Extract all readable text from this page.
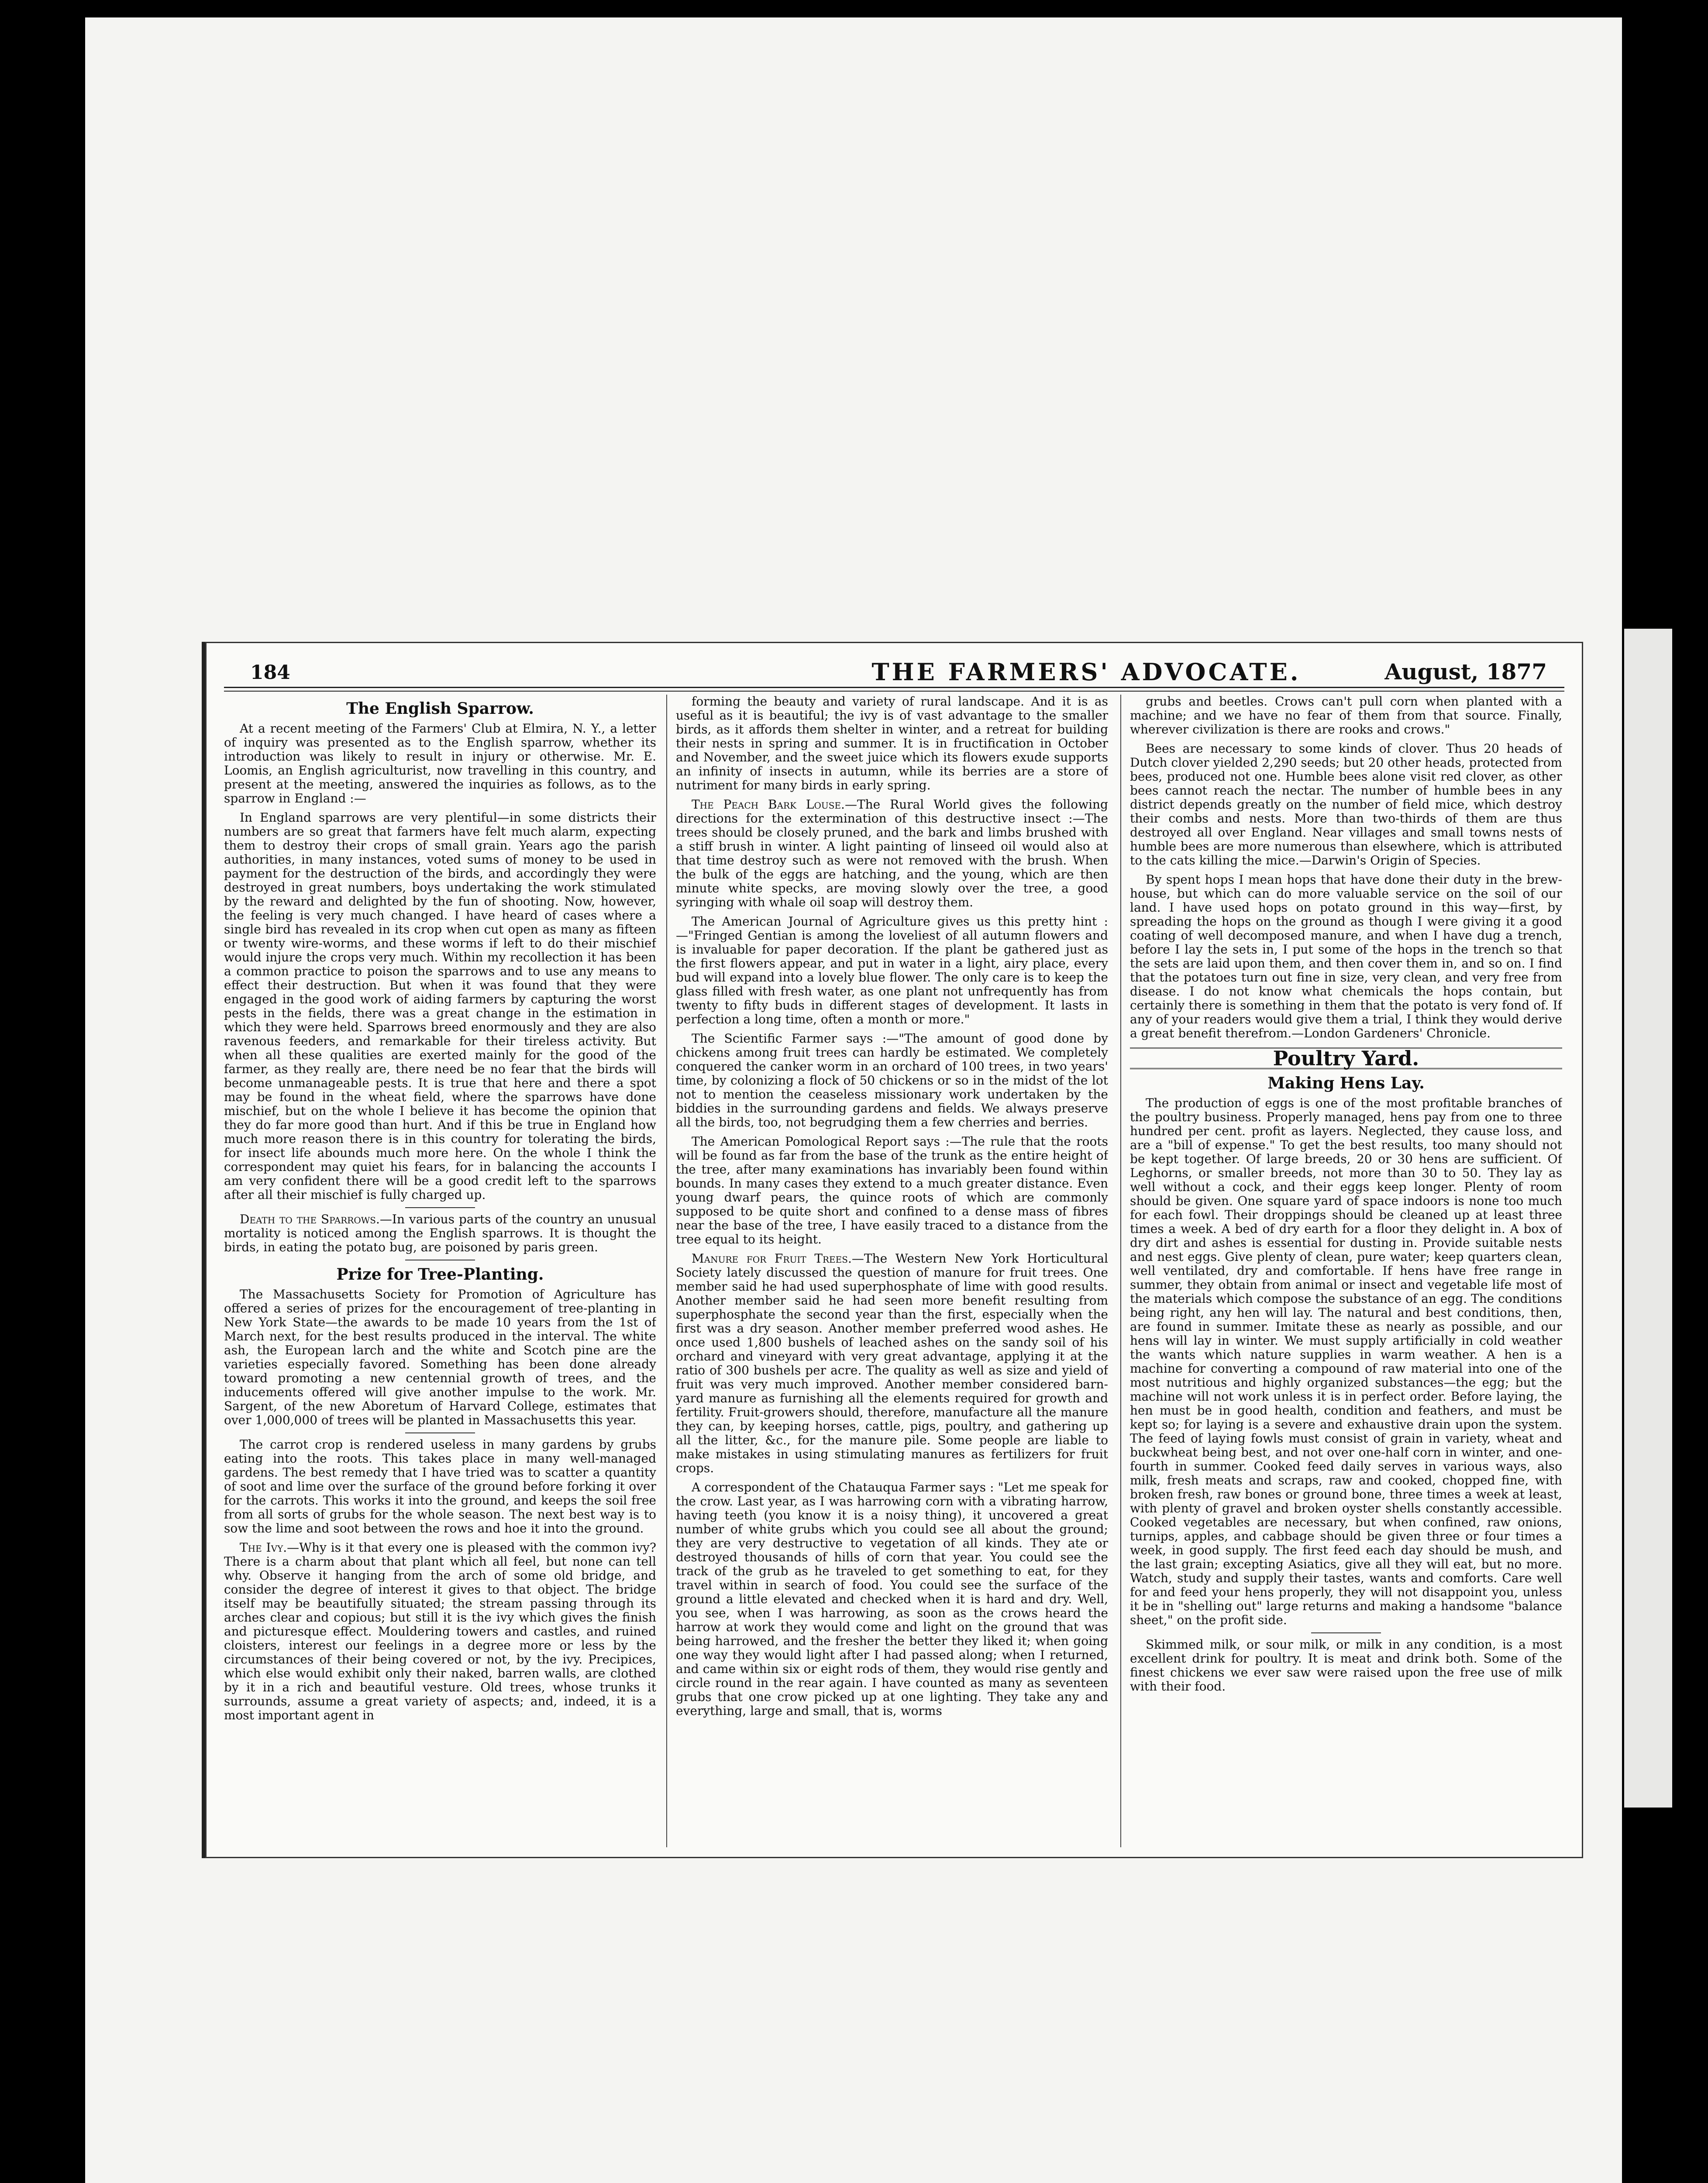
184	THE FARMERS' ADVOCATE.	August, 1877
The English Sparrow.

At a recent meeting of the Farmers' Club at Elmira, N. Y., a letter of inquiry was presented as to the English sparrow, whether its introduction was likely to result in injury or otherwise. Mr. E. Loomis, an English agriculturist, now travelling in this country, and present at the meeting, answered the inquiries as follows, as to the sparrow in England :—

In England sparrows are very plentiful—in some districts their numbers are so great that farmers have felt much alarm, expecting them to destroy their crops of small grain. Years ago the parish authorities, in many instances, voted sums of money to be used in payment for the destruction of the birds, and accordingly they were destroyed in great numbers, boys undertaking the work stimulated by the reward and delighted by the fun of shooting. Now, however, the feeling is very much changed. I have heard of cases where a single bird has revealed in its crop when cut open as many as fifteen or twenty wire-worms, and these worms if left to do their mischief would injure the crops very much. Within my recollection it has been a common practice to poison the sparrows and to use any means to effect their destruction. But when it was found that they were engaged in the good work of aiding farmers by capturing the worst pests in the fields, there was a great change in the estimation in which they were held. Sparrows breed enormously and they are also ravenous feeders, and remarkable for their tireless activity. But when all these qualities are exerted mainly for the good of the farmer, as they really are, there need be no fear that the birds will become unmanageable pests. It is true that here and there a spot may be found in the wheat field, where the sparrows have done mischief, but on the whole I believe it has become the opinion that they do far more good than hurt. And if this be true in England how much more reason there is in this country for tolerating the birds, for insect life abounds much more here. On the whole I think the correspondent may quiet his fears, for in balancing the accounts I am very confident there will be a good credit left to the sparrows after all their mischief is fully charged up.

Death to the Sparrows.—In various parts of the country an unusual mortality is noticed among the English sparrows. It is thought the birds, in eating the potato bug, are poisoned by paris green.

Prize for Tree-Planting.

The Massachusetts Society for Promotion of Agriculture has offered a series of prizes for the encouragement of tree-planting in New York State—the awards to be made 10 years from the 1st of March next, for the best results produced in the interval. The white ash, the European larch and the white and Scotch pine are the varieties especially favored. Something has been done already toward promoting a new centennial growth of trees, and the inducements offered will give another impulse to the work. Mr. Sargent, of the new Aboretum of Harvard College, estimates that over 1,000,000 of trees will be planted in Massachusetts this year.

The carrot crop is rendered useless in many gardens by grubs eating into the roots. This takes place in many well-managed gardens. The best remedy that I have tried was to scatter a quantity of soot and lime over the surface of the ground before forking it over for the carrots. This works it into the ground, and keeps the soil free from all sorts of grubs for the whole season. The next best way is to sow the lime and soot between the rows and hoe it into the ground.

The Ivy.—Why is it that every one is pleased with the common ivy? There is a charm about that plant which all feel, but none can tell why. Observe it hanging from the arch of some old bridge, and consider the degree of interest it gives to that object. The bridge itself may be beautifully situated; the stream passing through its arches clear and copious; but still it is the ivy which gives the finish and picturesque effect. Mouldering towers and castles, and ruined cloisters, interest our feelings in a degree more or less by the circumstances of their being covered or not, by the ivy. Precipices, which else would exhibit only their naked, barren walls, are clothed by it in a rich and beautiful vesture. Old trees, whose trunks it surrounds, assume a great variety of aspects; and, indeed, it is a most important agent in

forming the beauty and variety of rural landscape. And it is as useful as it is beautiful; the ivy is of vast advantage to the smaller birds, as it affords them shelter in winter, and a retreat for building their nests in spring and summer. It is in fructification in October and November, and the sweet juice which its flowers exude supports an infinity of insects in autumn, while its berries are a store of nutriment for many birds in early spring.

The Peach Bark Louse.—The Rural World gives the following directions for the extermination of this destructive insect :—The trees should be closely pruned, and the bark and limbs brushed with a stiff brush in winter. A light painting of linseed oil would also at that time destroy such as were not removed with the brush. When the bulk of the eggs are hatching, and the young, which are then minute white specks, are moving slowly over the tree, a good syringing with whale oil soap will destroy them.

The American Journal of Agriculture gives us this pretty hint :—"Fringed Gentian is among the loveliest of all autumn flowers and is invaluable for paper decoration. If the plant be gathered just as the first flowers appear, and put in water in a light, airy place, every bud will expand into a lovely blue flower. The only care is to keep the glass filled with fresh water, as one plant not unfrequently has from twenty to fifty buds in different stages of development. It lasts in perfection a long time, often a month or more."

The Scientific Farmer says :—"The amount of good done by chickens among fruit trees can hardly be estimated. We completely conquered the canker worm in an orchard of 100 trees, in two years' time, by colonizing a flock of 50 chickens or so in the midst of the lot not to mention the ceaseless missionary work undertaken by the biddies in the surrounding gardens and fields. We always preserve all the birds, too, not begrudging them a few cherries and berries.

The American Pomological Report says :—The rule that the roots will be found as far from the base of the trunk as the entire height of the tree, after many examinations has invariably been found within bounds. In many cases they extend to a much greater distance. Even young dwarf pears, the quince roots of which are commonly supposed to be quite short and confined to a dense mass of fibres near the base of the tree, I have easily traced to a distance from the tree equal to its height.

Manure for Fruit Trees.—The Western New York Horticultural Society lately discussed the question of manure for fruit trees. One member said he had used superphosphate of lime with good results. Another member said he had seen more benefit resulting from superphosphate the second year than the first, especially when the first was a dry season. Another member preferred wood ashes. He once used 1,800 bushels of leached ashes on the sandy soil of his orchard and vineyard with very great advantage, applying it at the ratio of 300 bushels per acre. The quality as well as size and yield of fruit was very much improved. Another member considered barn-yard manure as furnishing all the elements required for growth and fertility. Fruit-growers should, therefore, manufacture all the manure they can, by keeping horses, cattle, pigs, poultry, and gathering up all the litter, &c., for the manure pile. Some people are liable to make mistakes in using stimulating manures as fertilizers for fruit crops.

A correspondent of the Chatauqua Farmer says : "Let me speak for the crow. Last year, as I was harrowing corn with a vibrating harrow, having teeth (you know it is a noisy thing), it uncovered a great number of white grubs which you could see all about the ground; they are very destructive to vegetation of all kinds. They ate or destroyed thousands of hills of corn that year. You could see the track of the grub as he traveled to get something to eat, for they travel within in search of food. You could see the surface of the ground a little elevated and checked when it is hard and dry. Well, you see, when I was harrowing, as soon as the crows heard the harrow at work they would come and light on the ground that was being harrowed, and the fresher the better they liked it; when going one way they would light after I had passed along; when I returned, and came within six or eight rods of them, they would rise gently and circle round in the rear again. I have counted as many as seventeen grubs that one crow picked up at one lighting. They take any and everything, large and small, that is, worms

grubs and beetles. Crows can't pull corn when planted with a machine; and we have no fear of them from that source. Finally, wherever civilization is there are rooks and crows."

Bees are necessary to some kinds of clover. Thus 20 heads of Dutch clover yielded 2,290 seeds; but 20 other heads, protected from bees, produced not one. Humble bees alone visit red clover, as other bees cannot reach the nectar. The number of humble bees in any district depends greatly on the number of field mice, which destroy their combs and nests. More than two-thirds of them are thus destroyed all over England. Near villages and small towns nests of humble bees are more numerous than elsewhere, which is attributed to the cats killing the mice.—Darwin's Origin of Species.

By spent hops I mean hops that have done their duty in the brew-house, but which can do more valuable service on the soil of our land. I have used hops on potato ground in this way—first, by spreading the hops on the ground as though I were giving it a good coating of well decomposed manure, and when I have dug a trench, before I lay the sets in, I put some of the hops in the trench so that the sets are laid upon them, and then cover them in, and so on. I find that the potatoes turn out fine in size, very clean, and very free from disease. I do not know what chemicals the hops contain, but certainly there is something in them that the potato is very fond of. If any of your readers would give them a trial, I think they would derive a great benefit therefrom.—London Gardeners' Chronicle.

Poultry Yard.
Making Hens Lay.

The production of eggs is one of the most profitable branches of the poultry business. Properly managed, hens pay from one to three hundred per cent. profit as layers. Neglected, they cause loss, and are a "bill of expense." To get the best results, too many should not be kept together. Of large breeds, 20 or 30 hens are sufficient. Of Leghorns, or smaller breeds, not more than 30 to 50. They lay as well without a cock, and their eggs keep longer. Plenty of room should be given. One square yard of space indoors is none too much for each fowl. Their droppings should be cleaned up at least three times a week. A bed of dry earth for a floor they delight in. A box of dry dirt and ashes is essential for dusting in. Provide suitable nests and nest eggs. Give plenty of clean, pure water; keep quarters clean, well ventilated, dry and comfortable. If hens have free range in summer, they obtain from animal or insect and vegetable life most of the materials which compose the substance of an egg. The conditions being right, any hen will lay. The natural and best conditions, then, are found in summer. Imitate these as nearly as possible, and our hens will lay in winter. We must supply artificially in cold weather the wants which nature supplies in warm weather. A hen is a machine for converting a compound of raw material into one of the most nutritious and highly organized substances—the egg; but the machine will not work unless it is in perfect order. Before laying, the hen must be in good health, condition and feathers, and must be kept so; for laying is a severe and exhaustive drain upon the system. The feed of laying fowls must consist of grain in variety, wheat and buckwheat being best, and not over one-half corn in winter, and one-fourth in summer. Cooked feed daily serves in various ways, also milk, fresh meats and scraps, raw and cooked, chopped fine, with broken fresh, raw bones or ground bone, three times a week at least, with plenty of gravel and broken oyster shells constantly accessible. Cooked vegetables are necessary, but when confined, raw onions, turnips, apples, and cabbage should be given three or four times a week, in good supply. The first feed each day should be mush, and the last grain; excepting Asiatics, give all they will eat, but no more. Watch, study and supply their tastes, wants and comforts. Care well for and feed your hens properly, they will not disappoint you, unless it be in "shelling out" large returns and making a handsome "balance sheet," on the profit side.

Skimmed milk, or sour milk, or milk in any condition, is a most excellent drink for poultry. It is meat and drink both. Some of the finest chickens we ever saw were raised upon the free use of milk with their food.
